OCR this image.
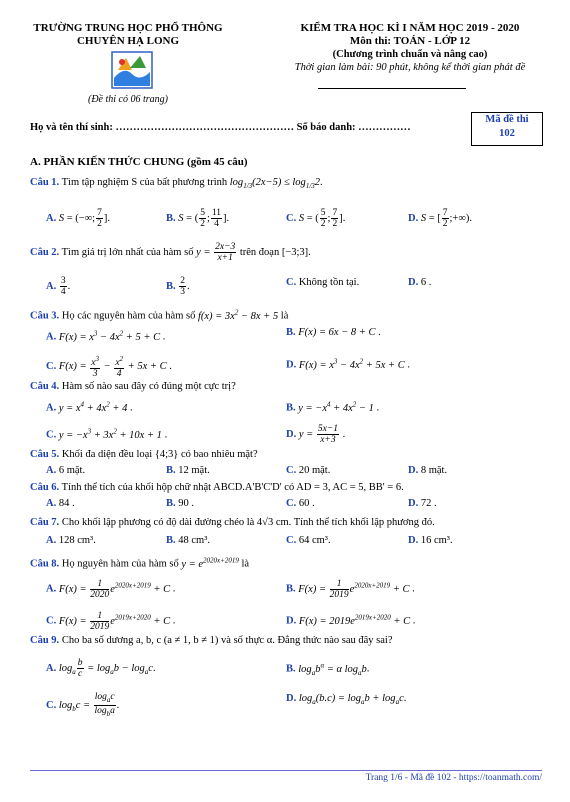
TRƯỜNG TRUNG HỌC PHỔ THÔNG
CHUYÊN HẠ LONG
(Đề thi có 06 trang)
KIỂM TRA HỌC KÌ I NĂM HỌC 2019 - 2020
Môn thi: TOÁN - LỚP 12
(Chương trình chuẩn và nâng cao)
Thời gian làm bài: 90 phút, không kể thời gian phát đề
Họ và tên thí sinh: …………………………………………… Số báo danh: ……………
Mã đề thi
102
A. PHẦN KIẾN THỨC CHUNG (gồm 45 câu)
Câu 1. Tìm tập nghiệm S của bất phương trình $\log_{1/3}(2x-5) \le \log_{1/3}2$.
A. S = (−∞; $\frac{7}{2}$ ].	B. S = ( $\frac{5}{2}$ ; $\frac{11}{4}$ ].	C. S = ( $\frac{5}{2}$ ; $\frac{7}{2}$ ].	D. S = [ $\frac{7}{2}$ ;+∞).
Câu 2. Tìm giá trị lớn nhất của hàm số $y = \frac{2x-3}{x+1}$ trên đoạn [−3;3].
A. $\frac{3}{4}$ .	B. $\frac{2}{3}$ .	C. Không tồn tại.	D. 6 .
Câu 3. Họ các nguyên hàm của hàm số $f(x) = 3x^2 - 8x + 5$ là
A. $F(x) = x^3 - 4x^2 + 5 + C$ .	B. F(x) = 6x − 8 + C .
C. $F(x) = \frac{x^3}{3} - \frac{x^2}{4} + 5x + C$ .	D. $F(x) = x^3 - 4x^2 + 5x + C$ .
Câu 4. Hàm số nào sau đây có đúng một cực trị?
A. $y = x^4 + 4x^2 + 4$ .	B. $y = -x^4 + 4x^2 - 1$ .
C. $y = -x^3 + 3x^2 + 10x + 1$ .	D. $y = \frac{5x-1}{x+3}$ .
Câu 5. Khối đa diện đều loại {4;3} có bao nhiêu mặt?
A. 6 mặt.	B. 12 mặt.	C. 20 mặt.	D. 8 mặt.
Câu 6. Tính thể tích của khối hộp chữ nhật ABCD.A'B'C'D' có AD = 3, AC = 5, BB' = 6.
A. 84 .	B. 90 .	C. 60 .	D. 72 .
Câu 7. Cho khối lập phương có độ dài đường chéo là 4√3 cm. Tính thể tích khối lập phương đó.
A. 128 cm³.	B. 48 cm³.	C. 64 cm³.	D. 16 cm³.
Câu 8. Họ nguyên hàm của hàm số $y = e^{2020x+2019}$ là
A. $F(x) = \frac{1}{2020} e^{2020x+2019} + C$ .	B. $F(x) = \frac{1}{2019} e^{2020x+2019} + C$ .
C. $F(x) = \frac{1}{2019} e^{2019x+2020} + C$ .	D. $F(x) = 2019e^{2019x+2020} + C$ .
Câu 9. Cho ba số dương a, b, c (a ≠ 1, b ≠ 1) và số thực α. Đẳng thức nào sau đây sai?
A. $\log_a \frac{b}{c} = \log_ab - \log_ac$.	B. $\log_ab^\alpha = \alpha$ $\log_ab$.
C. $\log_bc = \frac{\log_ac}{\log_ba}$ .
D. $\log_a(b.c) = \log_ab + \log_ac$.
Trang 1/6 - Mã đề 102 - https://toanmath.com/
